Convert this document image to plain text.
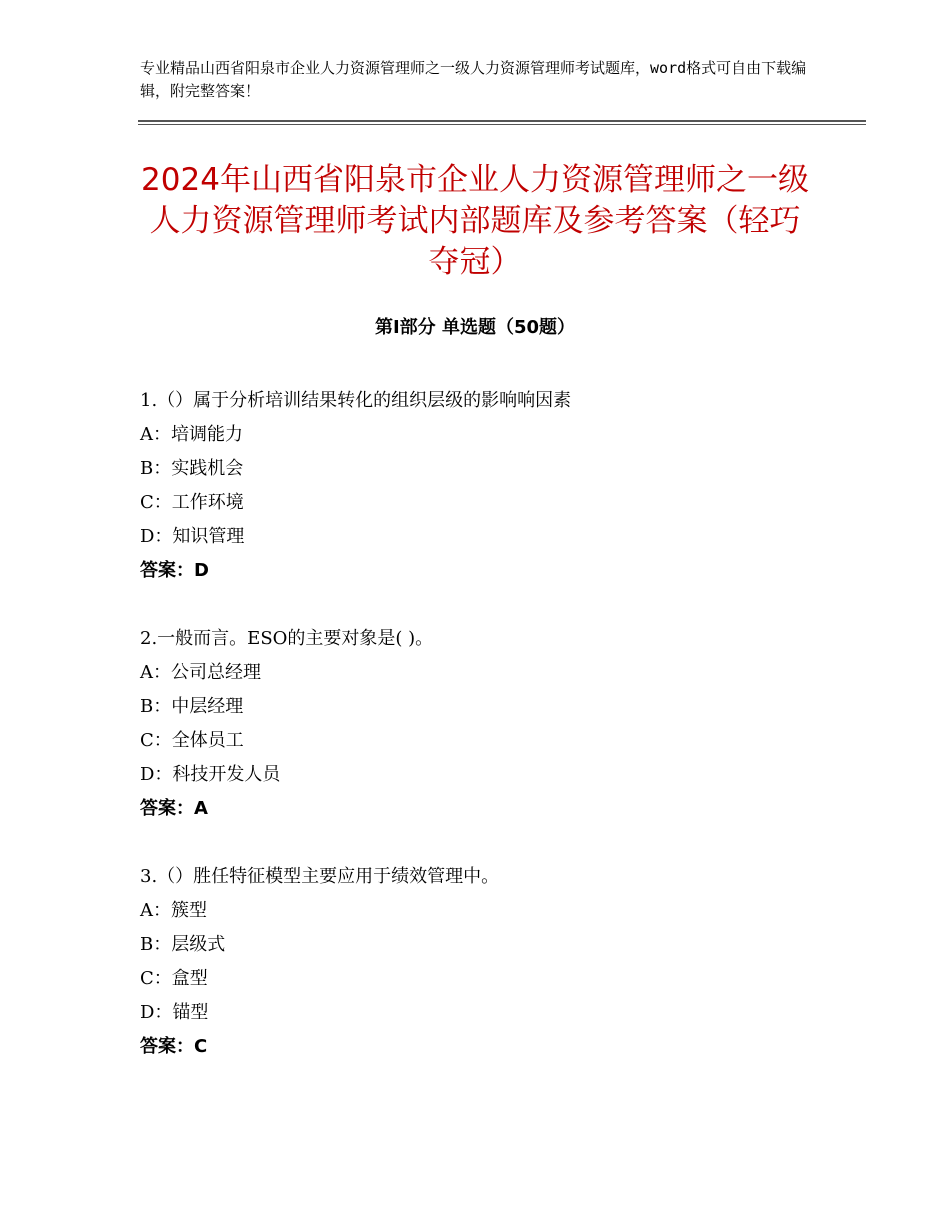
专业精品山西省阳泉市企业人力资源管理师之一级人力资源管理师考试题库，word格式可自由下载编辑，附完整答案！
2024年山西省阳泉市企业人力资源管理师之一级人力资源管理师考试内部题库及参考答案（轻巧夺冠）
第Ⅰ部分 单选题（50题）
1.（）属于分析培训结果转化的组织层级的影响响因素
A：培调能力
B：实践机会
C：工作环境
D：知识管理
答案：D
2.一般而言。ESO的主要对象是( )。
A：公司总经理
B：中层经理
C：全体员工
D：科技开发人员
答案：A
3.（）胜任特征模型主要应用于绩效管理中。
A：簇型
B：层级式
C：盒型
D：锚型
答案：C
